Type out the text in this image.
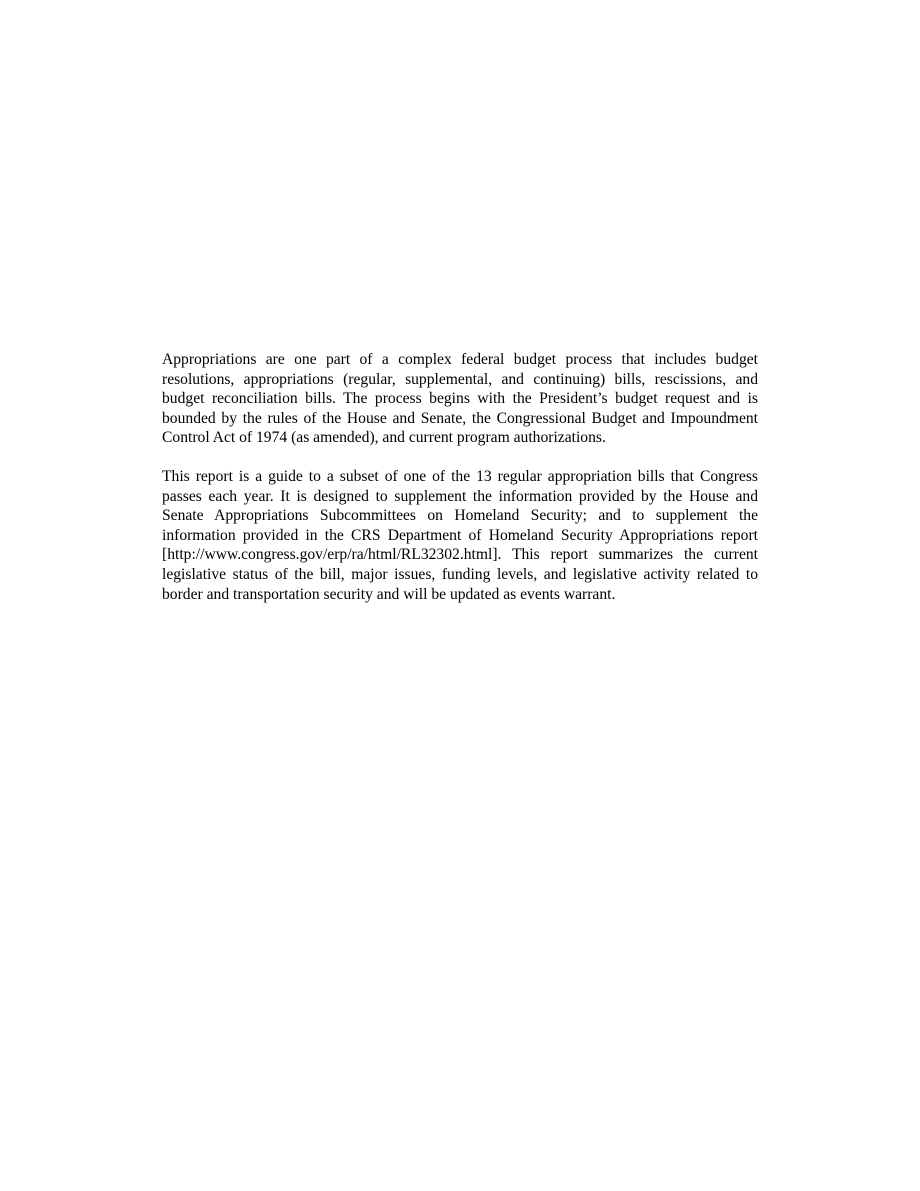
Appropriations are one part of a complex federal budget process that includes budget resolutions, appropriations (regular, supplemental, and continuing) bills, rescissions, and budget reconciliation bills. The process begins with the President’s budget request and is bounded by the rules of the House and Senate, the Congressional Budget and Impoundment Control Act of 1974 (as amended), and current program authorizations.

This report is a guide to a subset of one of the 13 regular appropriation bills that Congress passes each year. It is designed to supplement the information provided by the House and Senate Appropriations Subcommittees on Homeland Security; and to supplement the information provided in the CRS Department of Homeland Security Appropriations report [http://www.congress.gov/erp/ra/html/RL32302.html]. This report summarizes the current legislative status of the bill, major issues, funding levels, and legislative activity related to border and transportation security and will be updated as events warrant.
